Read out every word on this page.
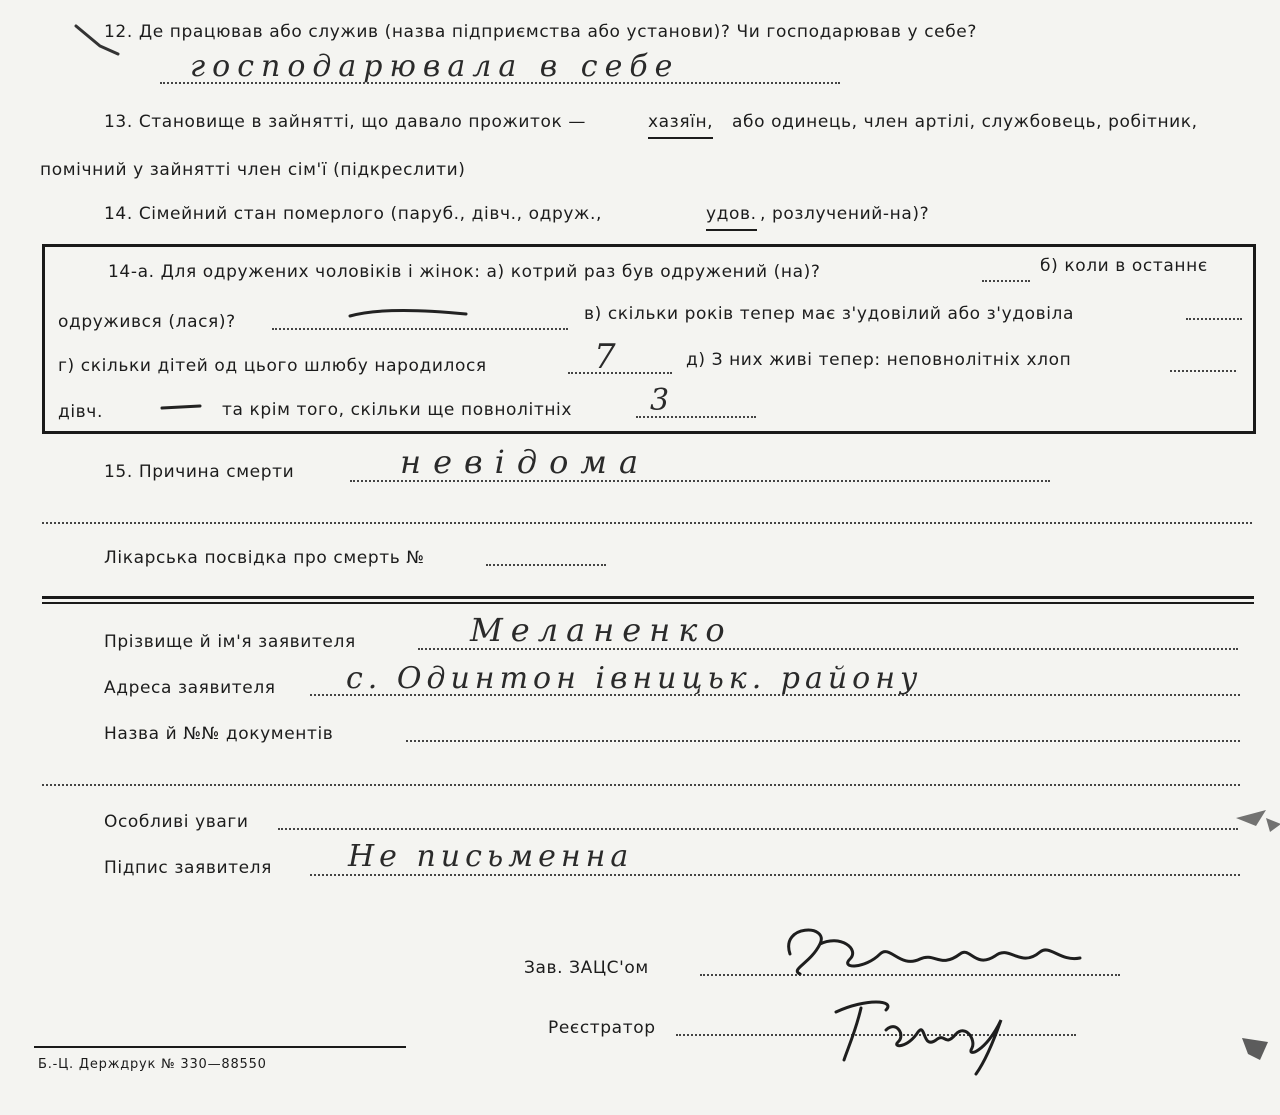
12. Де працював або служив (назва підприємства або установи)? Чи господарював у себе?
господарювала в себе
13. Становище в зайнятті, що давало прожиток —	хазяїн, або одинець, член артілі, службовець, робітник,
помічний у зайнятті член сім'ї (підкреслити)
14. Сімейний стан померлого (паруб., дівч., одруж.,	удов. , розлучений-на)?
14-а. Для одружених чоловіків і жінок: а) котрий раз був одружений (на)?	б) коли в останнє
одружився (лася)?	в) скільки років тепер має з'удовілий або з'удовіла
г) скільки дітей од цього шлюбу народилося	7	д) З них живі тепер: неповнолітніх хлоп
дівч.	та крім того, скільки ще повнолітніх	3
15. Причина смерти	невідома
Лікарська посвідка про смерть №
Прізвище й ім'я заявителя	Меланенко
Адреса заявителя с. Одинтон івницьк. району
Назва й №№ документів
Особливі уваги
Підпис заявителя	Не письменна
Зав. ЗАЦС'ом
Реєстратор
Б.-Ц. Держдрук № 330—88550
